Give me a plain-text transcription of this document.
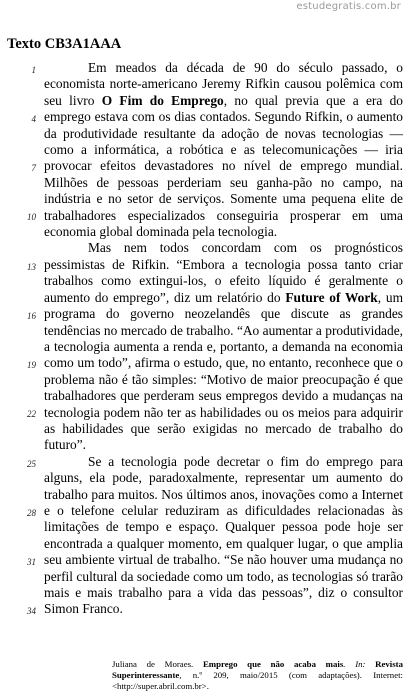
estudegratis.com.br
Texto CB3A1AAA
1
4
7
10
13
16
19
22
25
28
31
34

Em meados da década de 90 do século passado, o economista norte-americano Jeremy Rifkin causou polêmica com seu livro O Fim do Emprego, no qual previa que a era do emprego estava com os dias contados. Segundo Rifkin, o aumento da produtividade resultante da adoção de novas tecnologias — como a informática, a robótica e as telecomunicações — iria provocar efeitos devastadores no nível de emprego mundial. Milhões de pessoas perderiam seu ganha-pão no campo, na indústria e no setor de serviços. Somente uma pequena elite de trabalhadores especializados conseguiria prosperar em uma economia global dominada pela tecnologia.

Mas nem todos concordam com os prognósticos pessimistas de Rifkin. “Embora a tecnologia possa tanto criar trabalhos como extingui-los, o efeito líquido é geralmente o aumento do emprego”, diz um relatório do Future of Work, um programa do governo neozelandês que discute as grandes tendências no mercado de trabalho. “Ao aumentar a produtividade, a tecnologia aumenta a renda e, portanto, a demanda na economia como um todo”, afirma o estudo, que, no entanto, reconhece que o problema não é tão simples: “Motivo de maior preocupação é que trabalhadores que perderam seus empregos devido a mudanças na tecnologia podem não ter as habilidades ou os meios para adquirir as habilidades que serão exigidas no mercado de trabalho do futuro”.

Se a tecnologia pode decretar o fim do emprego para alguns, ela pode, paradoxalmente, representar um aumento do trabalho para muitos. Nos últimos anos, inovações como a Internet e o telefone celular reduziram as dificuldades relacionadas às limitações de tempo e espaço. Qualquer pessoa pode hoje ser encontrada a qualquer momento, em qualquer lugar, o que amplia seu ambiente virtual de trabalho. “Se não houver uma mudança no perfil cultural da sociedade como um todo, as tecnologias só trarão mais e mais trabalho para a vida das pessoas”, diz o consultor Simon Franco.

Juliana de Moraes. Emprego que não acaba mais. In: Revista Superinteressante, n.º 209, maio/2015 (com adaptações). Internet: <http://super.abril.com.br>.
